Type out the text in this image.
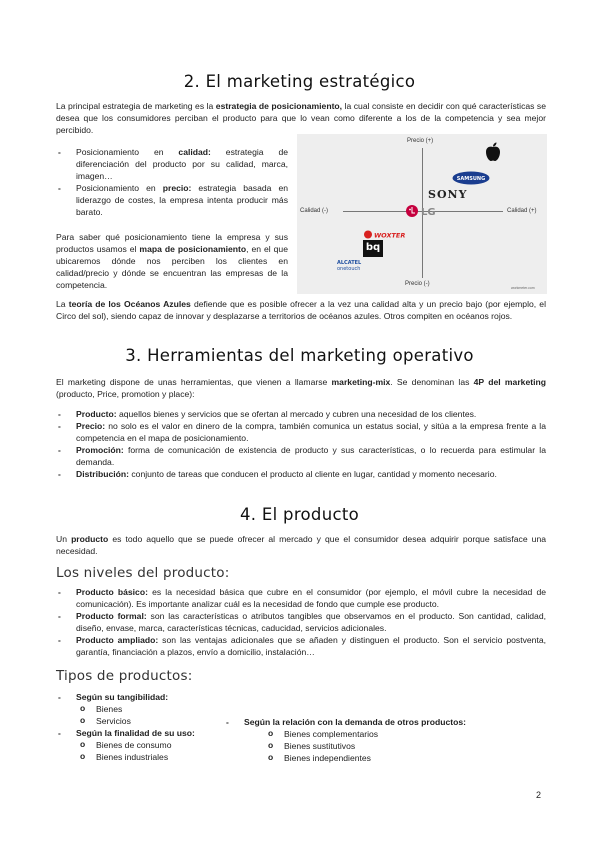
2. El marketing estratégico
La principal estrategia de marketing es la estrategia de posicionamiento, la cual consiste en decidir con qué características se desea que los consumidores perciban el producto para que lo vean como diferente a los de la competencia y sea mejor percibido.
- Posicionamiento en calidad: estrategia de diferenciación del producto por su calidad, marca, imagen…
- Posicionamiento en precio: estrategia basada en liderazgo de costes, la empresa intenta producir más barato.
Para saber qué posicionamiento tiene la empresa y sus productos usamos el mapa de posicionamiento, en el que ubicaremos dónde nos perciben los clientes en calidad/precio y dónde se encuentran las empresas de la competencia.
Precio (+)
Precio (-)
Calidad (-)	Calidad (+)
SAMSUNG
SONY
LG
WOXTER
bq
ALCATEL
onetouch
workmeter.com
La teoría de los Océanos Azules defiende que es posible ofrecer a la vez una calidad alta y un precio bajo (por ejemplo, el Circo del sol), siendo capaz de innovar y desplazarse a territorios de océanos azules. Otros compiten en océanos rojos.
3. Herramientas del marketing operativo
El marketing dispone de unas herramientas, que vienen a llamarse marketing-mix. Se denominan las 4P del marketing (producto, Price, promotion y place):
- Producto: aquellos bienes y servicios que se ofertan al mercado y cubren una necesidad de los clientes.
- Precio: no solo es el valor en dinero de la compra, también comunica un estatus social, y sitúa a la empresa frente a la competencia en el mapa de posicionamiento.
- Promoción: forma de comunicación de existencia de producto y sus características, o lo recuerda para estimular la demanda.
- Distribución: conjunto de tareas que conducen el producto al cliente en lugar, cantidad y momento necesario.
4. El producto
Un producto es todo aquello que se puede ofrecer al mercado y que el consumidor desea adquirir porque satisface una necesidad.
Los niveles del producto:
- Producto básico: es la necesidad básica que cubre en el consumidor (por ejemplo, el móvil cubre la necesidad de comunicación). Es importante analizar cuál es la necesidad de fondo que cumple ese producto.
- Producto formal: son las características o atributos tangibles que observamos en el producto. Son cantidad, calidad, diseño, envase, marca, características técnicas, caducidad, servicios adicionales.
- Producto ampliado: son las ventajas adicionales que se añaden y distinguen el producto. Son el servicio postventa, garantía, financiación a plazos, envío a domicilio, instalación…
Tipos de productos:
- Según su tangibilidad:
o Bienes
o Servicios
- Según la finalidad de su uso:
o Bienes de consumo
o Bienes industriales
- Según la relación con la demanda de otros productos:
o Bienes complementarios
o Bienes sustitutivos
o Bienes independientes
2
